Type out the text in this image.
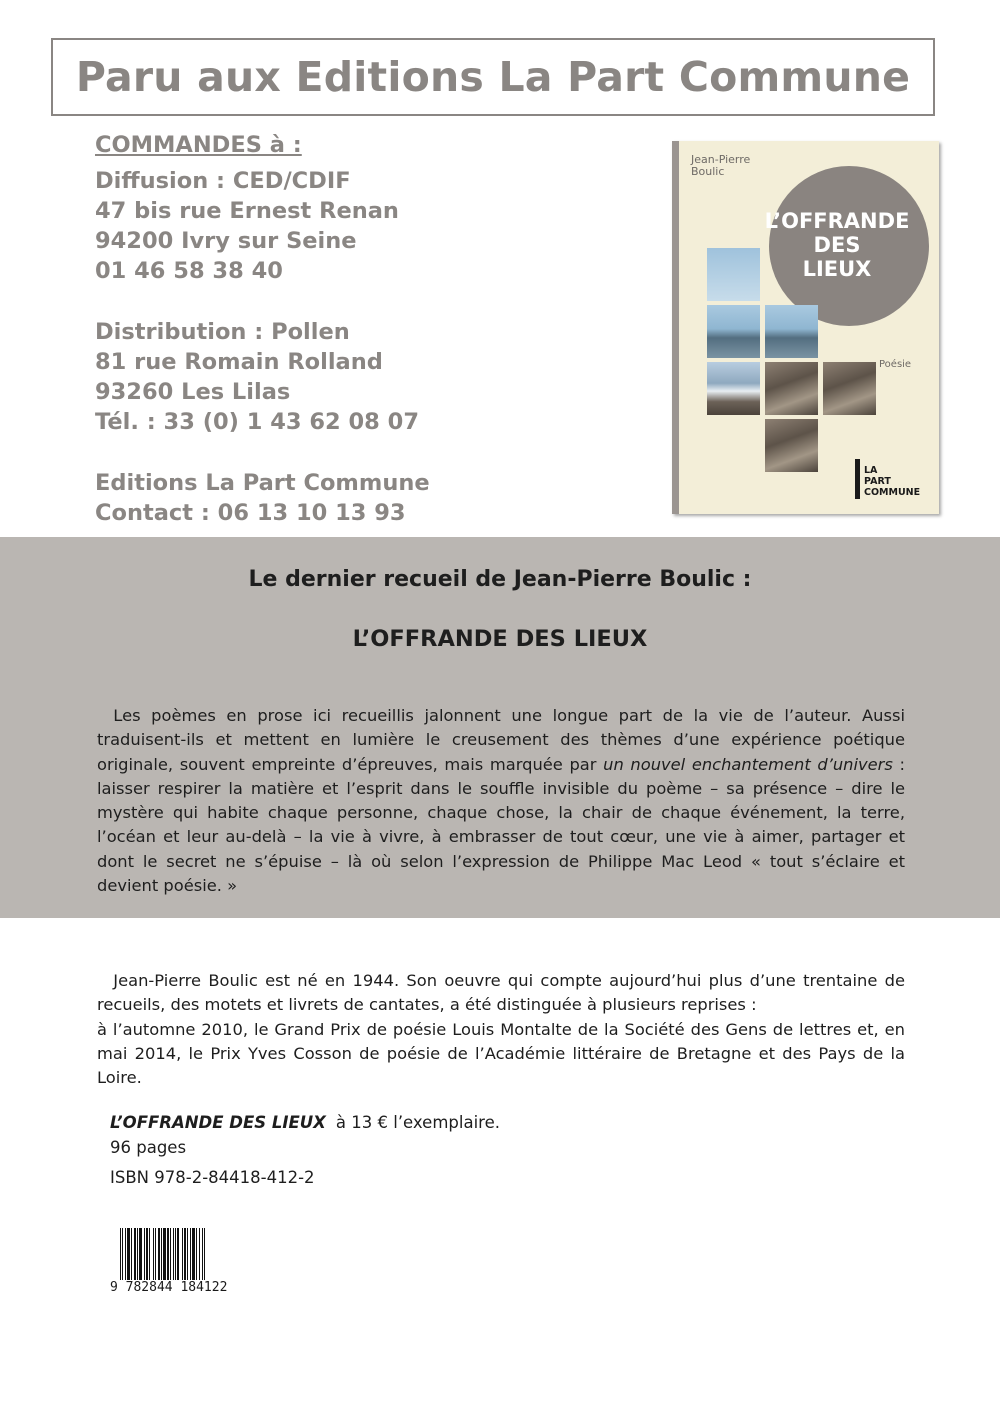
Paru aux Editions La Part Commune
COMMANDES à :
Diffusion : CED/CDIF
47 bis rue Ernest Renan
94200 Ivry sur Seine
01 46 58 38 40
Distribution : Pollen
81 rue Romain Rolland
93260 Les Lilas
Tél. : 33 (0) 1 43 62 08 07
Editions La Part Commune
Contact : 06 13 10 13 93
Jean-Pierre
Boulic
L’OFFRANDE
DES
LIEUX
Poésie
LA
PART
COMMUNE
Le dernier recueil de Jean-Pierre Boulic :
L’OFFRANDE DES LIEUX
 Les poèmes en prose ici recueillis jalonnent une longue part de la vie de l’auteur. Aussi traduisent-ils et mettent en lumière le creusement des thèmes d’une expérience poétique originale, souvent empreinte d’épreuves, mais marquée par un nouvel enchantement d’univers : laisser respirer la matière et l’esprit dans le souffle invisible du poème – sa présence – dire le mystère qui habite chaque personne, chaque chose, la chair de chaque événement, la terre, l’océan et leur au-delà – la vie à vivre, à embrasser de tout cœur, une vie à aimer, partager et dont le secret ne s’épuise – là où selon l’expression de Philippe Mac Leod « tout s’éclaire et devient poésie. »

 Jean-Pierre Boulic est né en 1944. Son oeuvre qui compte aujourd’hui plus d’une trentaine de recueils, des motets et livrets de cantates, a été distinguée à plusieurs reprises :

à l’automne 2010, le Grand Prix de poésie Louis Montalte de la Société des Gens de lettres et, en mai 2014, le Prix Yves Cosson de poésie de l’Académie littéraire de Bretagne et des Pays de la Loire.

L’OFFRANDE DES LIEUX à 13 € l’exemplaire.
96 pages
ISBN 978-2-84418-412-2
9 782844 184122
